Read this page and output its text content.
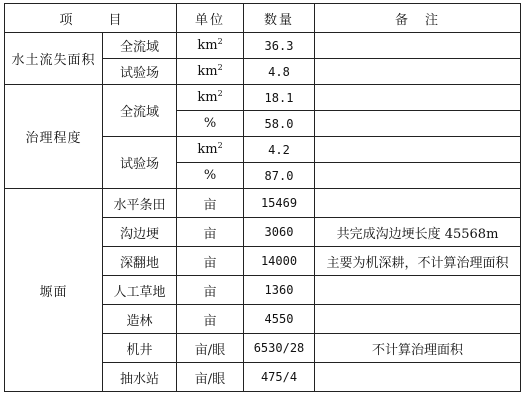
项 目		单位	数量	备　注
水土流失面积	全流域	$km^2$	36.3	
	试验场	$km^2$	4.8	
治理程度	全流域	$km^2$	18.1	
		%	58.0	
	试验场	$km^2$	4.2	
		%	87.0	
塬面	水平条田	亩	15469	
	沟边埂	亩	3060	共完成沟边埂长度 45568m
	深翻地	亩	14000	主要为机深耕，不计算治理面积
	人工草地	亩	1360	
	造林	亩	4550	
	机井	亩/眼	6530/28	不计算治理面积
	抽水站	亩/眼	475/4	
